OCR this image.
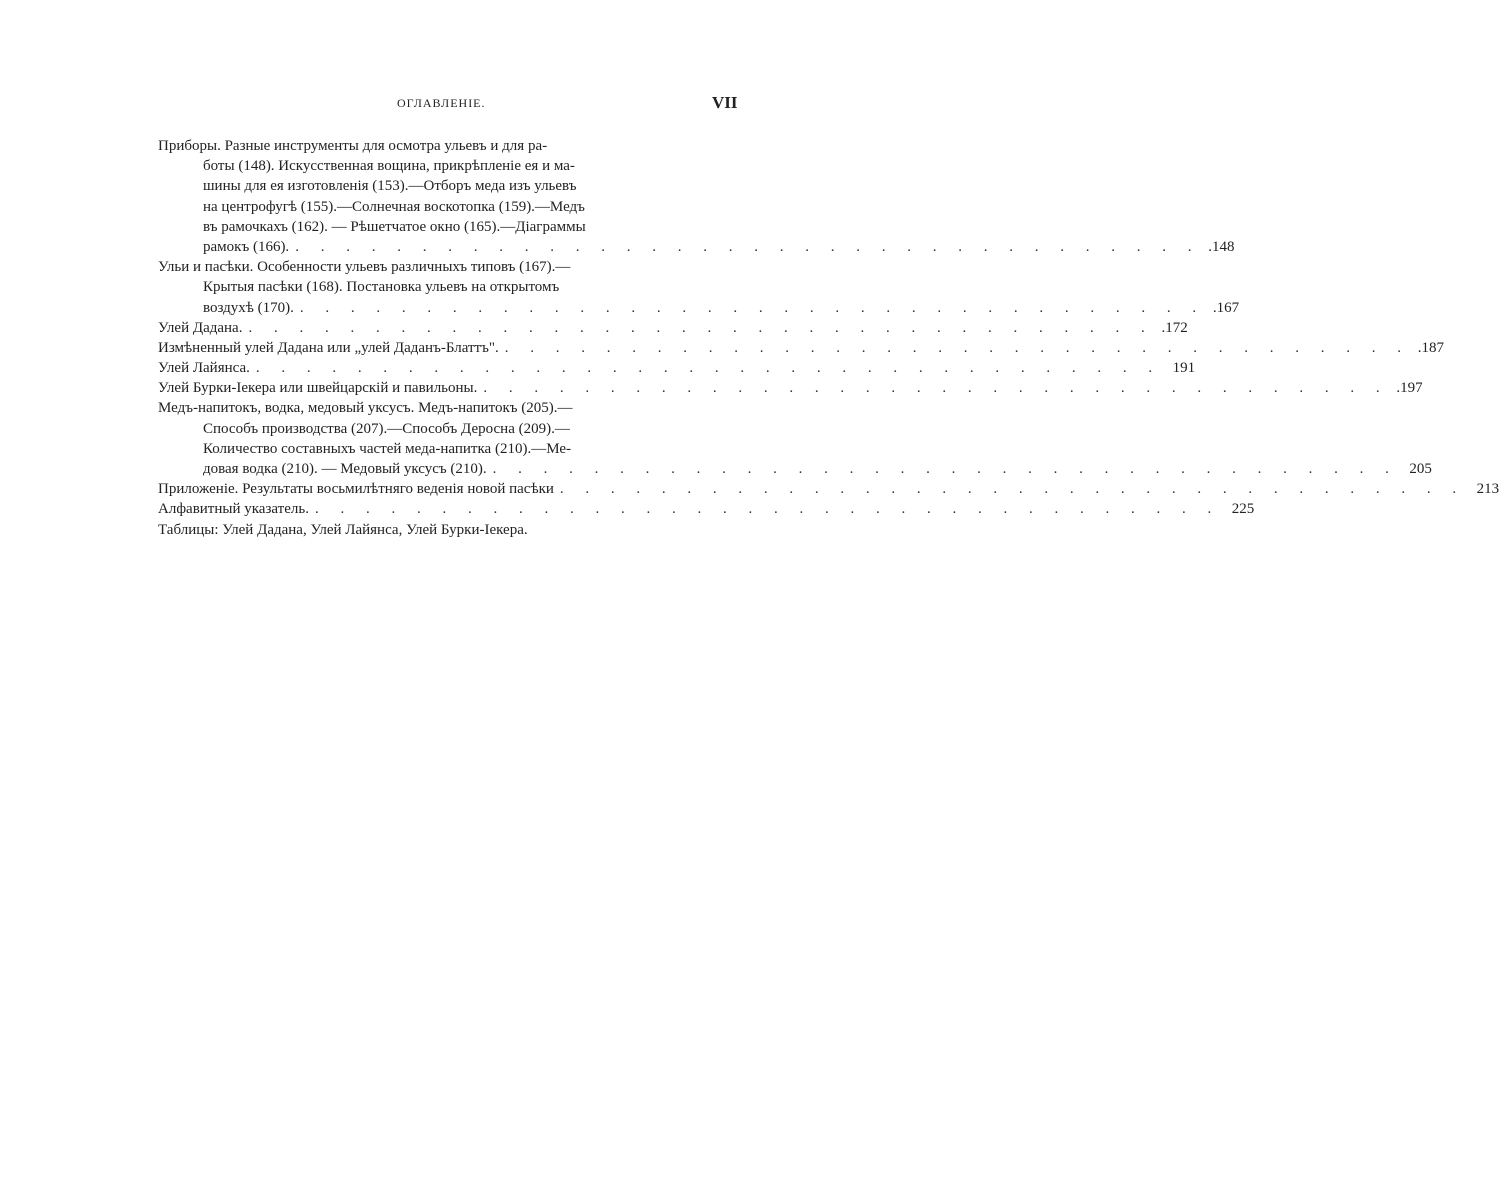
ОГЛАВЛЕНIЕ.	VII
Приборы. Разные инструменты для осмотра ульевъ и для ра-
боты (148). Искусственная вощина, прикрѣпленiе ея и ма-
шины для ея изготовленiя (153).—Отборъ меда изъ ульевъ
на центрофугѣ (155).—Солнечная воскотопка (159).—Медъ
въ рамочкахъ (162). — Рѣшетчатое окно (165).—Діаграммы
рамокъ (166). . . . . . . . . . . . . . . . . . . . . . . . . . . . . . . . . . . . . .148
Ульи и пасѣки. Особенности ульевъ различныхъ типовъ (167).—
Крытыя пасѣки (168). Постановка ульевъ на открытомъ
воздухѣ (170). . . . . . . . . . . . . . . . . . . . . . . . . . . . . . . . . . . . . .167
Улей Дадана. . . . . . . . . . . . . . . . . . . . . . . . . . . . . . . . . . . . . .172
Измѣненный улей Дадана или „улей Даданъ-Блаттъ". . . . . . . . . . . . . . . . . . . . . . . . . . . . . . . . . . . . . .187
Улей Лайянса. . . . . . . . . . . . . . . . . . . . . . . . . . . . . . . . . . . . . 191
Улей Бурки-Iекера или швейцарскій и павильоны. . . . . . . . . . . . . . . . . . . . . . . . . . . . . . . . . . . . . .197
Медъ-напитокъ, водка, медовый уксусъ. Медъ-напитокъ (205).—
Способъ производства (207).—Способъ Деросна (209).—
Количество составныхъ частей меда-напитка (210).—Ме-
довая водка (210). — Медовый уксусъ (210). . . . . . . . . . . . . . . . . . . . . . . . . . . . . . . . . . . . . 205
Приложенiе. Результаты восьмилѣтняго веденія новой пасѣки . . . . . . . . . . . . . . . . . . . . . . . . . . . . . . . . . . . . 213
Алфавитный указатель. . . . . . . . . . . . . . . . . . . . . . . . . . . . . . . . . . . . . 225
Таблицы: Улей Дадана, Улей Лайянса, Улей Бурки-Iекера.
